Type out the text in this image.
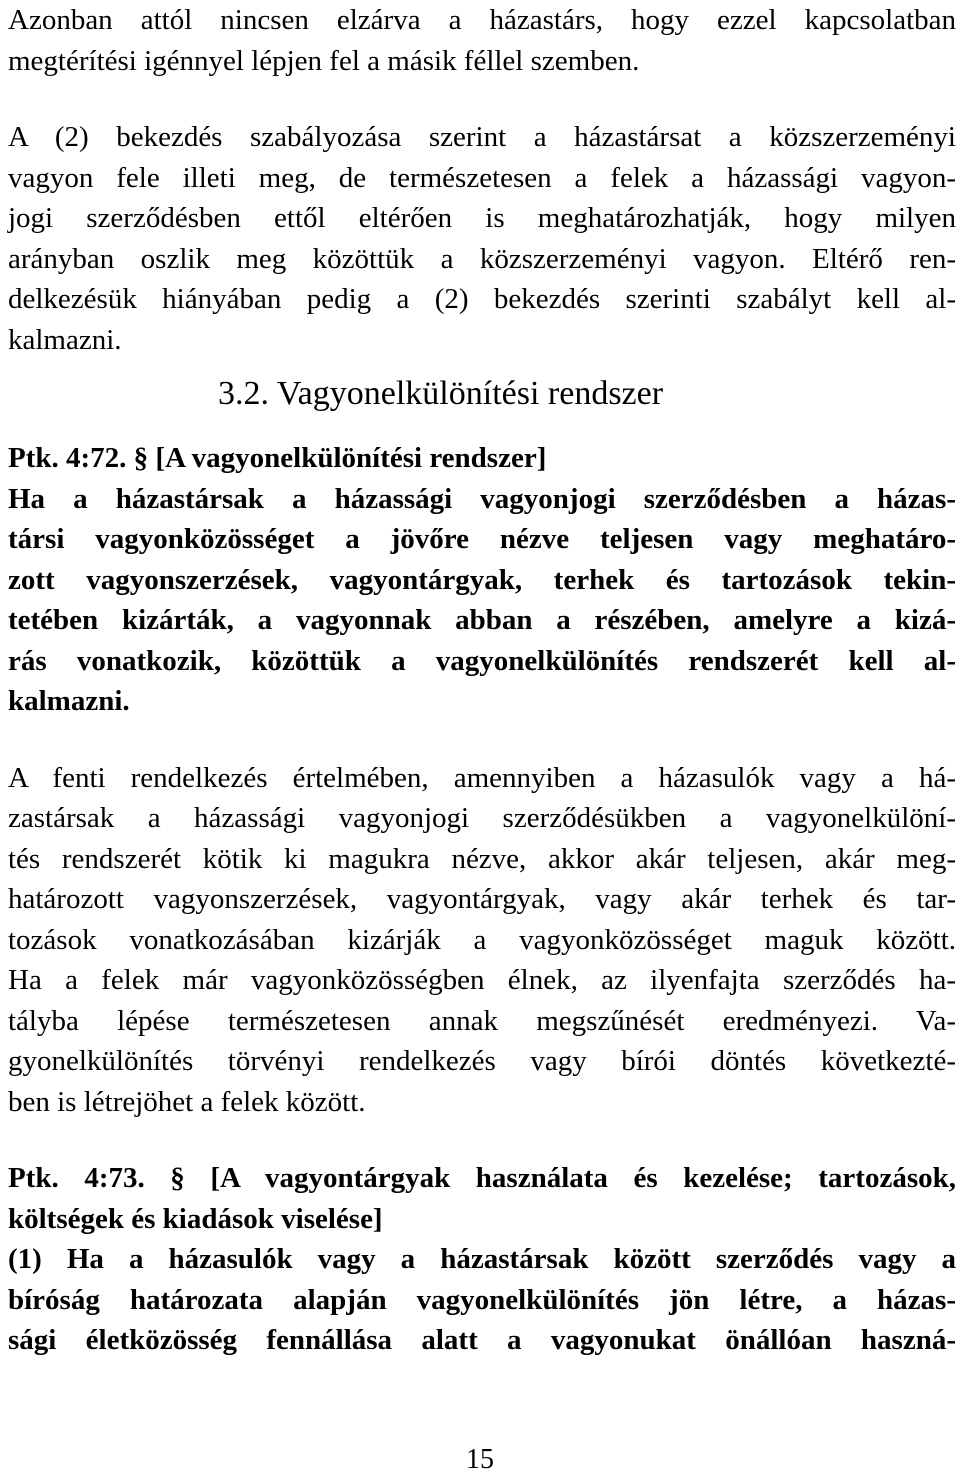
Azonban attól nincsen elzárva a házastárs, hogy ezzel kapcsolatban
megtérítési igénnyel lépjen fel a másik féllel szemben.
A (2) bekezdés szabályozása szerint a házastársat a közszerzeményi
vagyon fele illeti meg, de természetesen a felek a házassági vagyon-
jogi szerződésben ettől eltérően is meghatározhatják, hogy milyen
arányban oszlik meg közöttük a közszerzeményi vagyon. Eltérő ren-
delkezésük hiányában pedig a (2) bekezdés szerinti szabályt kell al-
kalmazni.
3.2. Vagyonelkülönítési rendszer
Ptk. 4:72. § [A vagyonelkülönítési rendszer]
Ha a házastársak a házassági vagyonjogi szerződésben a házas-
társi vagyonközösséget a jövőre nézve teljesen vagy meghatáro-
zott vagyonszerzések, vagyontárgyak, terhek és tartozások tekin-
tetében kizárták, a vagyonnak abban a részében, amelyre a kizá-
rás vonatkozik, közöttük a vagyonelkülönítés rendszerét kell al-
kalmazni.
A fenti rendelkezés értelmében, amennyiben a házasulók vagy a há-
zastársak a házassági vagyonjogi szerződésükben a vagyonelkülöní-
tés rendszerét kötik ki magukra nézve, akkor akár teljesen, akár meg-
határozott vagyonszerzések, vagyontárgyak, vagy akár terhek és tar-
tozások vonatkozásában kizárják a vagyonközösséget maguk között.
Ha a felek már vagyonközösségben élnek, az ilyenfajta szerződés ha-
tályba lépése természetesen annak megszűnését eredményezi. Va-
gyonelkülönítés törvényi rendelkezés vagy bírói döntés következté-
ben is létrejöhet a felek között.
Ptk. 4:73. § [A vagyontárgyak használata és kezelése; tartozások,
költségek és kiadások viselése]
(1) Ha a házasulók vagy a házastársak között szerződés vagy a
bíróság határozata alapján vagyonelkülönítés jön létre, a házas-
sági életközösség fennállása alatt a vagyonukat önállóan haszná-
15
